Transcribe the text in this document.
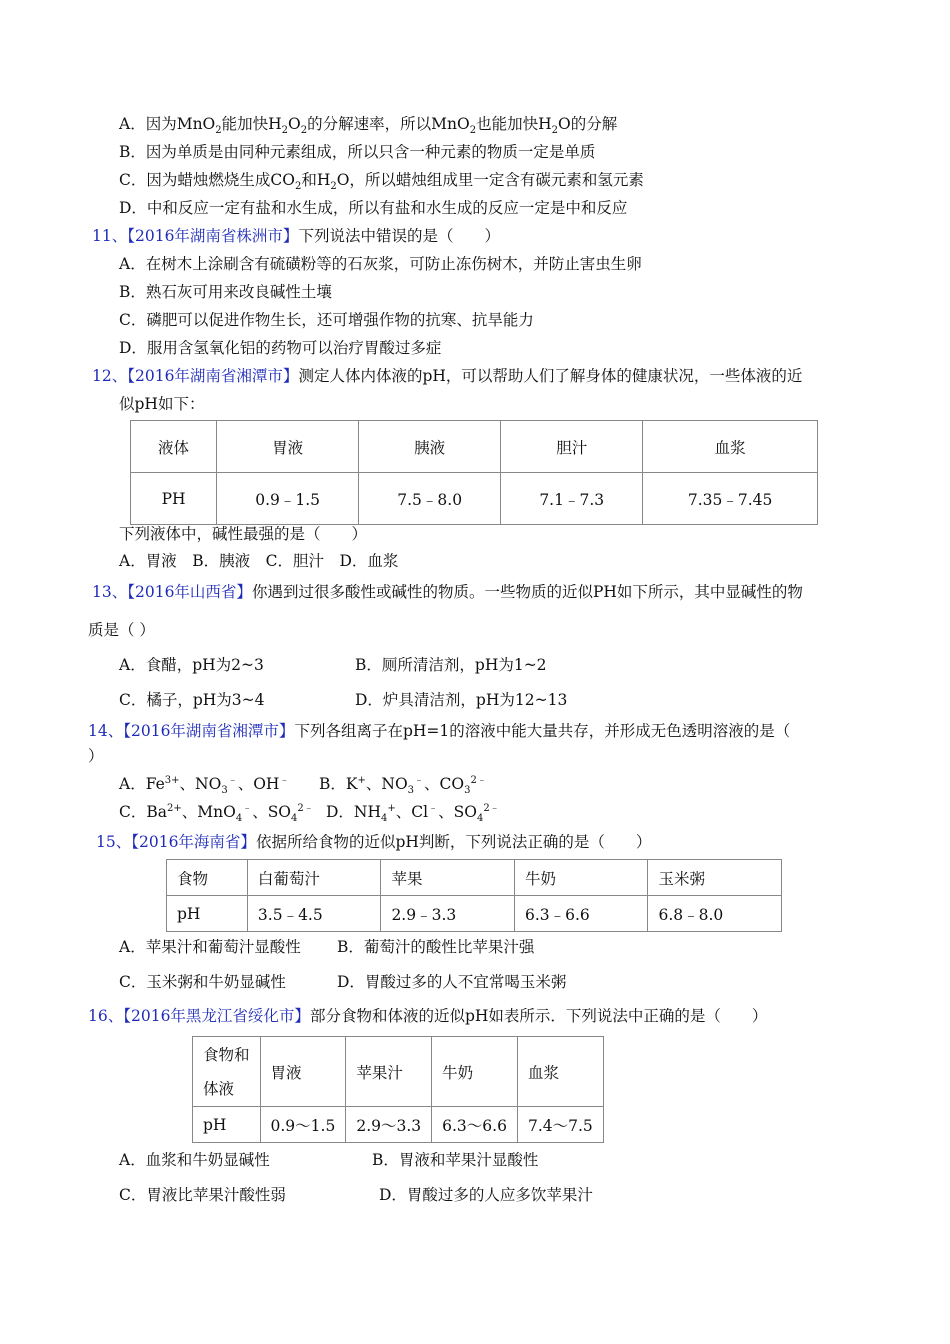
A．因为MnO$_2$能加快$H_2O_2$的分解速率，所以MnO$_2$也能加快$H_2O$的分解
B．因为单质是由同种元素组成，所以只含一种元素的物质一定是单质
C．因为蜡烛燃烧生成$CO_2$和$H_2O$，所以蜡烛组成里一定含有碳元素和氢元素
D．中和反应一定有盐和水生成，所以有盐和水生成的反应一定是中和反应
11、【2016年湖南省株洲市】下列说法中错误的是（　　）
A．在树木上涂刷含有硫磺粉等的石灰浆，可防止冻伤树木，并防止害虫生卵
B．熟石灰可用来改良碱性土壤
C．磷肥可以促进作物生长，还可增强作物的抗寒、抗旱能力
D．服用含氢氧化铝的药物可以治疗胃酸过多症
12、【2016年湖南省湘潭市】测定人体内体液的pH，可以帮助人们了解身体的健康状况，一些体液的近
似pH如下：
液体	胃液	胰液	胆汁	血浆
PH	0.9﹣1.5	7.5﹣8.0	7.1﹣7.3	7.35﹣7.45
下列液体中，碱性最强的是（　　）
A．胃液　B．胰液　C．胆汁　D．血浆
13、【2016年山西省】你遇到过很多酸性或碱性的物质。一些物质的近似PH如下所示，其中显碱性的物
质是（ ）
A．食醋，pH为2~3	B．厕所清洁剂，pH为1~2
C．橘子，pH为3~4	D．炉具清洁剂，pH为12~13
14、【2016年湖南省湘潭市】下列各组离子在pH=1的溶液中能大量共存，并形成无色透明溶液的是（
）
A．$Fe^{3+}$、$NO_3^﹣$、OH﹣ B．K+、$NO_3^﹣$、$CO_3^{2﹣}$
C．$Ba^{2+}$、MnO$_4$﹣、$SO_4^{2﹣}$ D．$NH_4^+$、Cl﹣、$SO_4^{2﹣}$
15、【2016年海南省】依据所给食物的近似pH判断，下列说法正确的是（　　）
食物	白葡萄汁	苹果	牛奶	玉米粥
pH	3.5﹣4.5	2.9﹣3.3	6.3﹣6.6	6.8﹣8.0
A．苹果汁和葡萄汁显酸性 B．葡萄汁的酸性比苹果汁强
C．玉米粥和牛奶显碱性	D．胃酸过多的人不宜常喝玉米粥
16、【2016年黑龙江省绥化市】部分食物和体液的近似pH如表所示．下列说法中正确的是（　　）
食物和
体液	胃液	苹果汁	牛奶	血浆
pH	0.9～1.5	2.9～3.3	6.3～6.6	7.4～7.5
A．血浆和牛奶显碱性	B．胃液和苹果汁显酸性
C．胃液比苹果汁酸性弱	D．胃酸过多的人应多饮苹果汁
